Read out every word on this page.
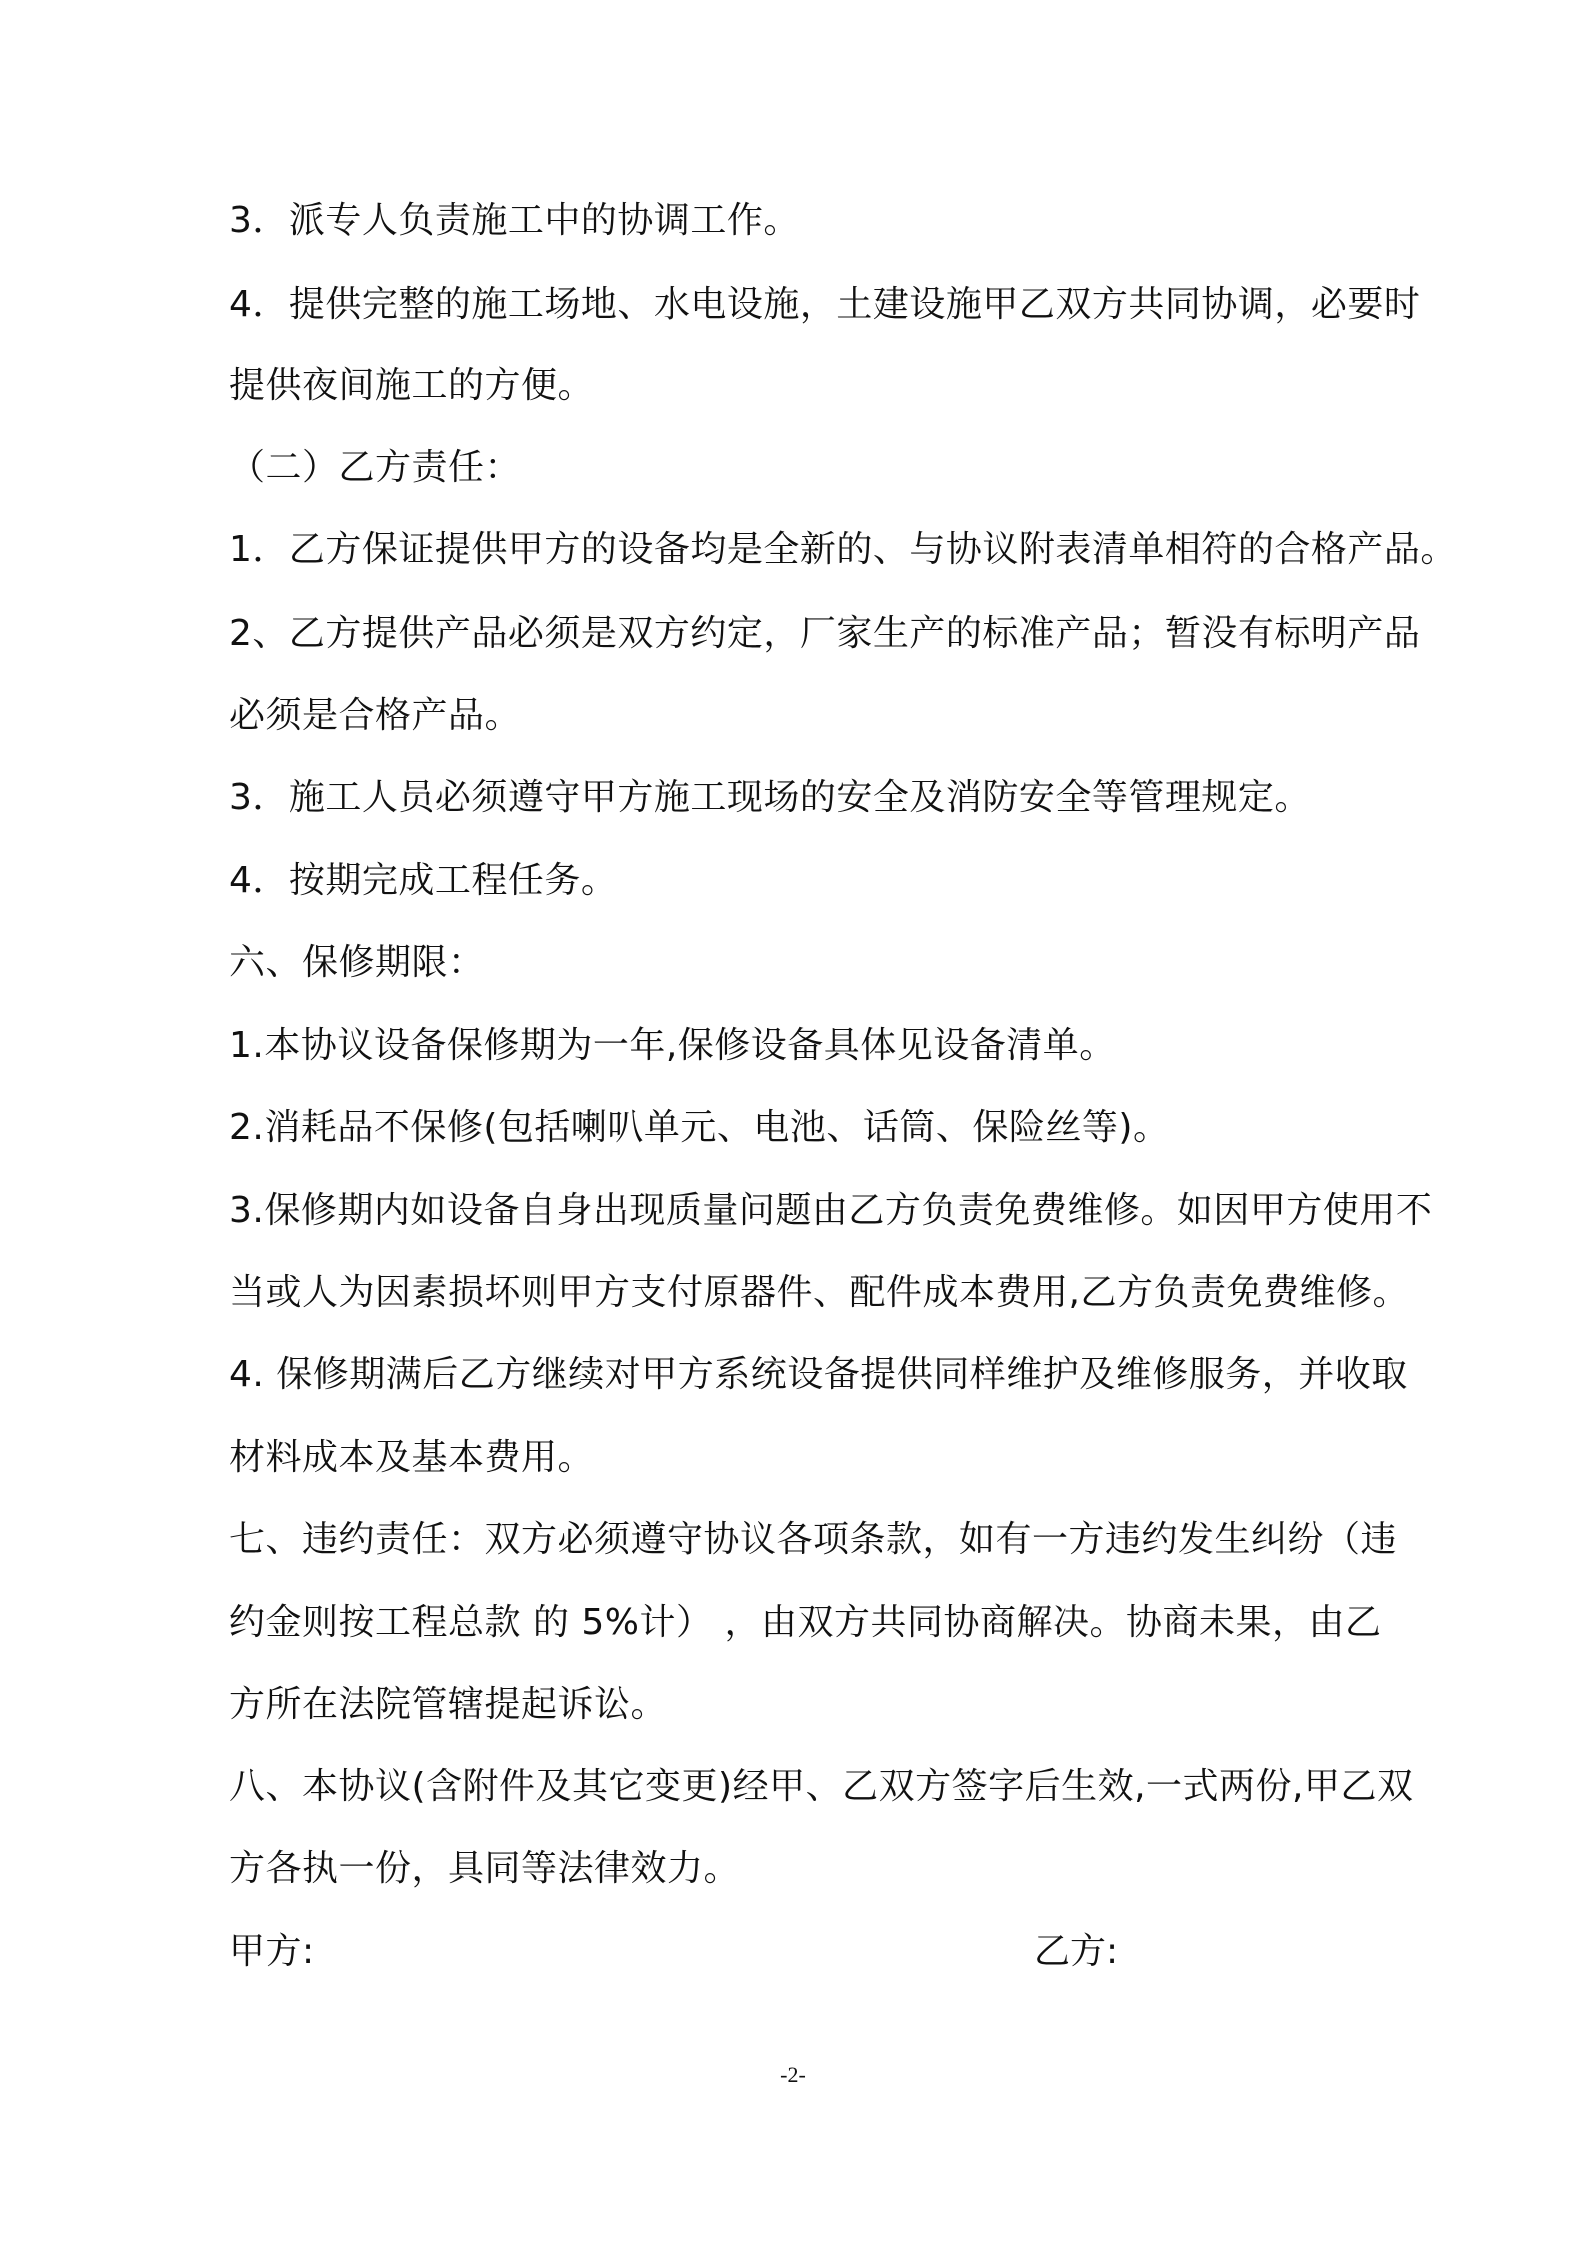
3．派专人负责施工中的协调工作。
4．提供完整的施工场地、水电设施，土建设施甲乙双方共同协调，必要时
提供夜间施工的方便。
（二）乙方责任：
1．乙方保证提供甲方的设备均是全新的、与协议附表清单相符的合格产品。
2、乙方提供产品必须是双方约定，厂家生产的标准产品；暂没有标明产品
必须是合格产品。
3．施工人员必须遵守甲方施工现场的安全及消防安全等管理规定。
4．按期完成工程任务。
六、保修期限：
1.本协议设备保修期为一年,保修设备具体见设备清单。
2.消耗品不保修(包括喇叭单元、电池、话筒、保险丝等)。
3.保修期内如设备自身出现质量问题由乙方负责免费维修。如因甲方使用不
当或人为因素损坏则甲方支付原器件、配件成本费用,乙方负责免费维修。
4. 保修期满后乙方继续对甲方系统设备提供同样维护及维修服务，并收取
材料成本及基本费用。
七、违约责任：双方必须遵守协议各项条款，如有一方违约发生纠纷（违
约金则按工程总款 的 5%计） ，由双方共同协商解决。协商未果，由乙
方所在法院管辖提起诉讼。
八、本协议(含附件及其它变更)经甲、乙双方签字后生效,一式两份,甲乙双
方各执一份，具同等法律效力。
甲方:	乙方:
-2-
